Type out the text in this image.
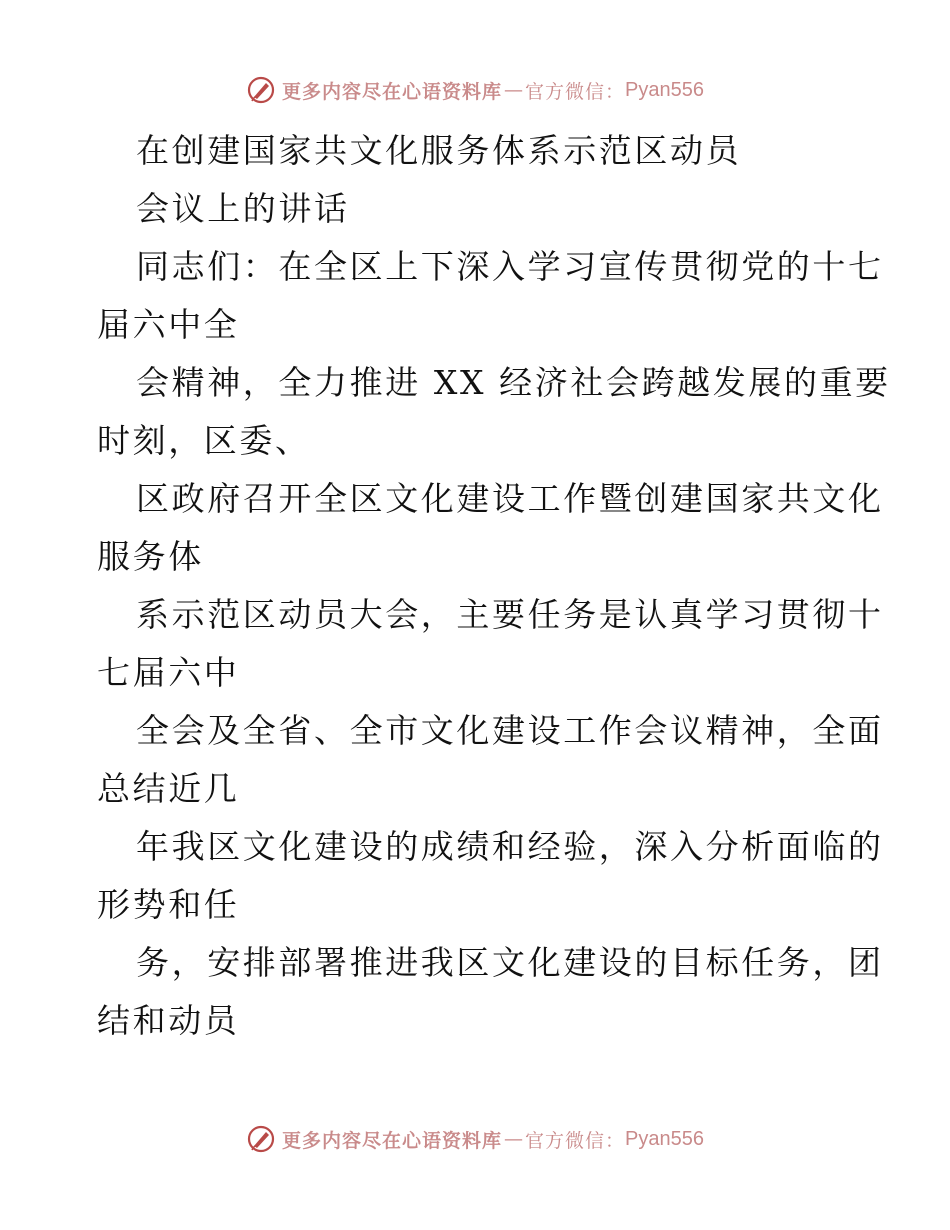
更多内容尽在心语资料库 — 官方微信： Pyan556
在创建国家共文化服务体系示范区动员
会议上的讲话
同志们：在全区上下深入学习宣传贯彻党的十七
届六中全
会精神，全力推进 XX 经济社会跨越发展的重要
时刻，区委、
区政府召开全区文化建设工作暨创建国家共文化
服务体
系示范区动员大会，主要任务是认真学习贯彻十
七届六中
全会及全省、全市文化建设工作会议精神，全面
总结近几
年我区文化建设的成绩和经验，深入分析面临的
形势和任
务，安排部署推进我区文化建设的目标任务，团
结和动员
更多内容尽在心语资料库 — 官方微信： Pyan556
